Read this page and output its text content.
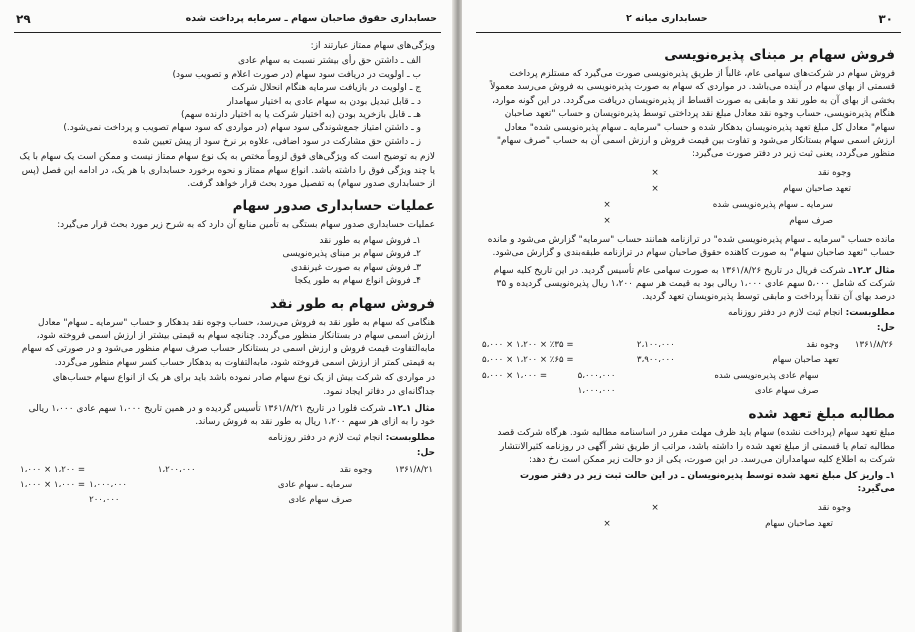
۲۹	حسابداری حقوق صاحبان سهام ـ سرمایه پرداخت شده

ویژگی‌های سهام ممتاز عبارتند از:

الف ـ داشتن حق رأی بیشتر نسبت به سهام عادی
ب ـ اولویت در دریافت سود سهام (در صورت اعلام و تصویب سود)
ج ـ اولویت در بازیافت سرمایه هنگام انحلال شرکت
د ـ قابل تبدیل بودن به سهام عادی به اختیار سهامدار
هـ ـ قابل بازخرید بودن (به اختیار شرکت یا به اختیار دارنده سهم)
و ـ داشتن امتیاز جمع‌شوندگی سود سهام (در مواردی که سود سهام تصویب و پرداخت نمی‌شود.)
ز ـ داشتن حق مشارکت در سود اضافی، علاوه بر نرخ سود از پیش تعیین شده

لازم به توضیح است که ویژگی‌های فوق لزوماً مختص به یک نوع سهام ممتاز نیست و ممکن است یک سهام با یک یا چند ویژگی فوق را داشته باشد. انواع سهام ممتاز و نحوه برخورد حسابداری با هر یک، در ادامه این فصل (پس از حسابداری صدور سهام) به تفصیل مورد بحث قرار خواهد گرفت.

عملیات حسابداری صدور سهام

عملیات حسابداری صدور سهام بستگی به تأمین منابع آن دارد که به شرح زیر مورد بحث قرار می‌گیرد:

۱ـ فروش سهام به طور نقد
۲ـ فروش سهام بر مبنای پذیره‌نویسی
۳ـ فروش سهام به صورت غیرنقدی
۴ـ فروش انواع سهام به طور یکجا
فروش سهام به طور نقد

هنگامی که سهام به طور نقد به فروش می‌رسد، حساب وجوه نقد بدهکار و حساب "سرمایه ـ سهام" معادل ارزش اسمی سهام در بستانکار منظور می‌گردد. چنانچه سهام به قیمتی بیشتر از ارزش اسمی فروخته شود، مابه‌التفاوت قیمت فروش و ارزش اسمی در بستانکار حساب صرف سهام منظور می‌شود و در صورتی که سهام به قیمتی کمتر از ارزش اسمی فروخته شود، مابه‌التفاوت به بدهکار حساب کسر سهام منظور می‌گردد.

در مواردی که شرکت بیش از یک نوع سهام صادر نموده باشد باید برای هر یک از انواع سهام حساب‌های جداگانه‌ای در دفاتر ایجاد نمود.

مثال ۱ـ۱۲ـ شرکت فلورا در تاریخ ۱۳۶۱/۸/۲۱ تأسیس گردیده و در همین تاریخ ۱،۰۰۰ سهم عادی ۱،۰۰۰ ریالی خود را به ازای هر سهم ۱،۲۰۰ ریال به طور نقد به فروش رساند.

مطلوبست: انجام ثبت لازم در دفتر روزنامه

حل:

۱۳۶۱/۸/۲۱	وجوه نقد	۱،۲۰۰،۰۰۰		۱،۰۰۰ × ۱،۲۰۰ =
	سرمایه ـ سهام عادی		۱،۰۰۰،۰۰۰	۱،۰۰۰ × ۱،۰۰۰ =
	صرف سهام عادی		۲۰۰،۰۰۰	
۳۰
حسابداری میانه ۲
فروش سهام بر مبنای پذیره‌نویسی

فروش سهام در شرکت‌های سهامی عام، غالباً از طریق پذیره‌نویسی صورت می‌گیرد که مستلزم پرداخت قسمتی از بهای سهام در آینده می‌باشد. در مواردی که سهام به صورت پذیره‌نویسی به فروش می‌رسد معمولاً بخشی از بهای آن به طور نقد و مابقی به صورت اقساط از پذیره‌نویسان دریافت می‌گردد. در این گونه موارد، هنگام پذیره‌نویسی، حساب وجوه نقد معادل مبلغ نقد پرداختی توسط پذیره‌نویسان و حساب "تعهد صاحبان سهام" معادل کل مبلغ تعهد پذیره‌نویسان بدهکار شده و حساب "سرمایه ـ سهام پذیره‌نویسی شده" معادل ارزش اسمی سهام بستانکار می‌شود و تفاوت بین قیمت فروش و ارزش اسمی آن به حساب "صرف سهام" منظور می‌گردد، یعنی ثبت زیر در دفتر صورت می‌گیرد:

وجوه نقد	×	
تعهد صاحبان سهام	×	
سرمایه ـ سهام پذیره‌نویسی شده		×
صرف سهام		×

مانده حساب "سرمایه ـ سهام پذیره‌نویسی شده" در ترازنامه همانند حساب "سرمایه" گزارش می‌شود و مانده حساب "تعهد صاحبان سهام" به صورت کاهنده حقوق صاحبان سهام در ترازنامه طبقه‌بندی و گزارش می‌شود.

مثال ۲ـ۱۲ـ شرکت فریال در تاریخ ۱۳۶۱/۸/۲۶ به صورت سهامی عام تأسیس گردید. در این تاریخ کلیه سهام شرکت که شامل ۵،۰۰۰ سهم عادی ۱،۰۰۰ ریالی بود به قیمت هر سهم ۱،۲۰۰ ریال پذیره‌نویسی گردیده و ۳۵ درصد بهای آن نقداً پرداخت و مابقی توسط پذیره‌نویسان تعهد گردید.

مطلوبست: انجام ثبت لازم در دفتر روزنامه

حل:

۱۳۶۱/۸/۲۶	وجوه نقد	۲،۱۰۰،۰۰۰		۵،۰۰۰ × ۱،۲۰۰ × ٪۳۵ =
	تعهد صاحبان سهام	۳،۹۰۰،۰۰۰		۵،۰۰۰ × ۱،۲۰۰ × ٪۶۵ =
	سهام عادی پذیره‌نویسی شده		۵،۰۰۰،۰۰۰	۵،۰۰۰ × ۱،۰۰۰ =
	صرف سهام عادی		۱،۰۰۰،۰۰۰	
مطالبه مبلغ تعهد شده

مبلغ تعهد سهام (پرداخت نشده) سهام باید ظرف مهلت مقرر در اساسنامه مطالبه شود. هرگاه شرکت قصد مطالبه تمام یا قسمتی از مبلغ تعهد شده را داشته باشد، مراتب از طریق نشر آگهی در روزنامه کثیرالانتشار شرکت به اطلاع کلیه سهامداران می‌رسد. در این صورت، یکی از دو حالت زیر ممکن است رخ دهد:

۱ـ واریز کل مبلغ تعهد شده توسط پذیره‌نویسان ـ در این حالت ثبت زیر در دفتر صورت می‌گیرد:

وجوه نقد	×	
تعهد صاحبان سهام		×
